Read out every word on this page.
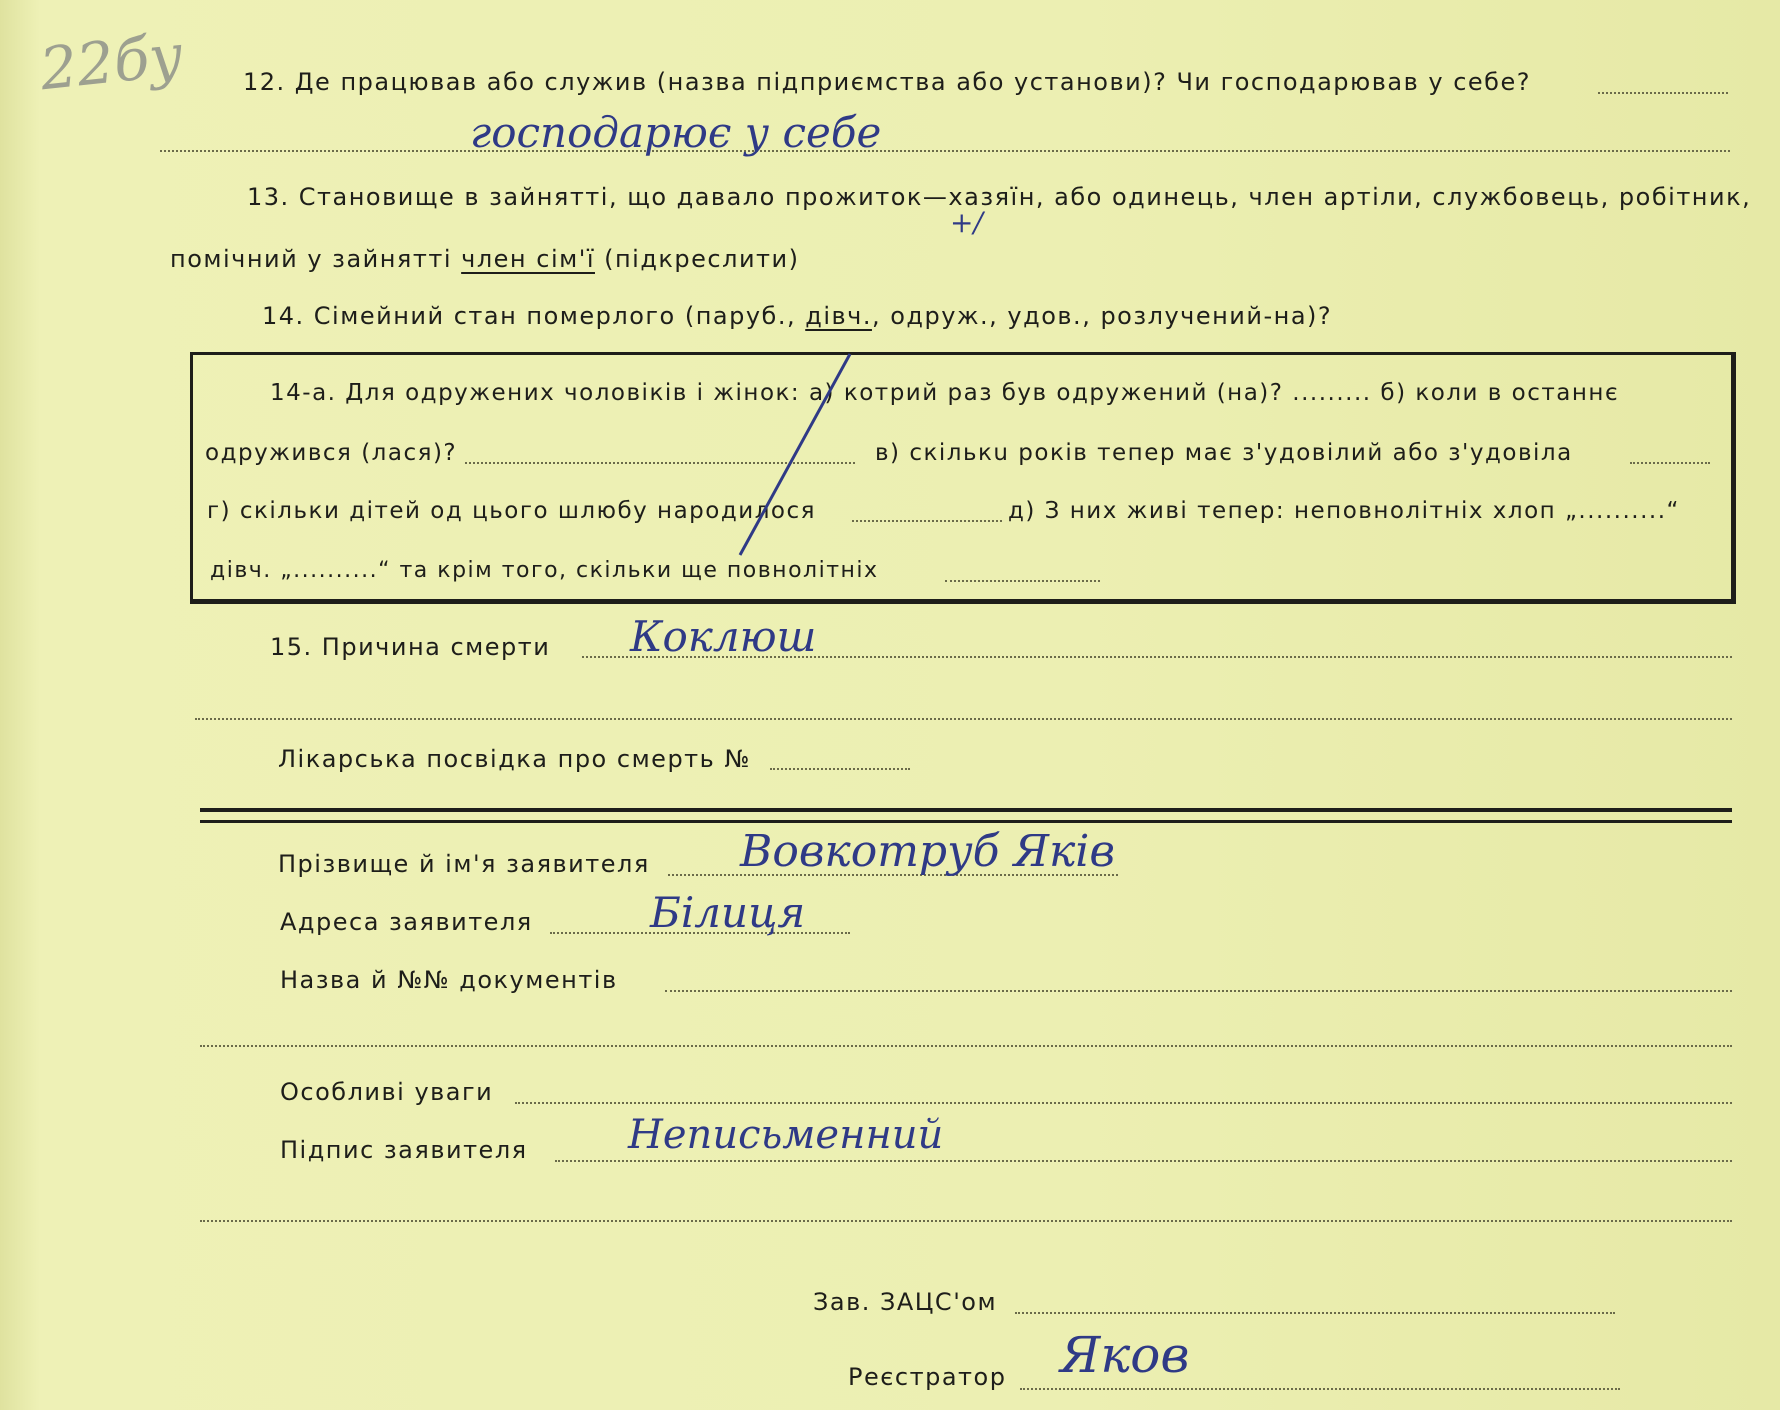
22бу 12. Де працював або служив (назва підприємства або установи)? Чи господарював у себе?
господарює у себе
13. Становище в зайнятті, що давало прожиток—хазяїн, або одинець, член артіли, службовець, робітник,
+/
помічний у зайнятті член сім'ї (підкреслити)
14. Сімейний стан померлого (паруб., дівч., одруж., удов., розлучений-на)?
14-а. Для одружених чоловіків і жінок: а) котрий раз був одружений (на)? ......... б) коли в останнє
одружився (лася)?	в) скількu років тепер має з'удовілий або з'удовіла
г) скільки дітей од цього шлюбу народилося	д) З них живі тепер: неповнолітніх хлоп „..........“
дівч. „..........“ та крім того, скільки ще повнолітніх
15. Причина смерти Коклюш
Лікарська посвідка про смерть №
Прізвище й ім'я заявителя Вовкотруб Яків
Адреса заявителя	Білиця
Назва й №№ документів
Особливі уваги
Підпис заявителя	Неписьменний
Зав. ЗАЦС'ом
Реєстратор Яков
